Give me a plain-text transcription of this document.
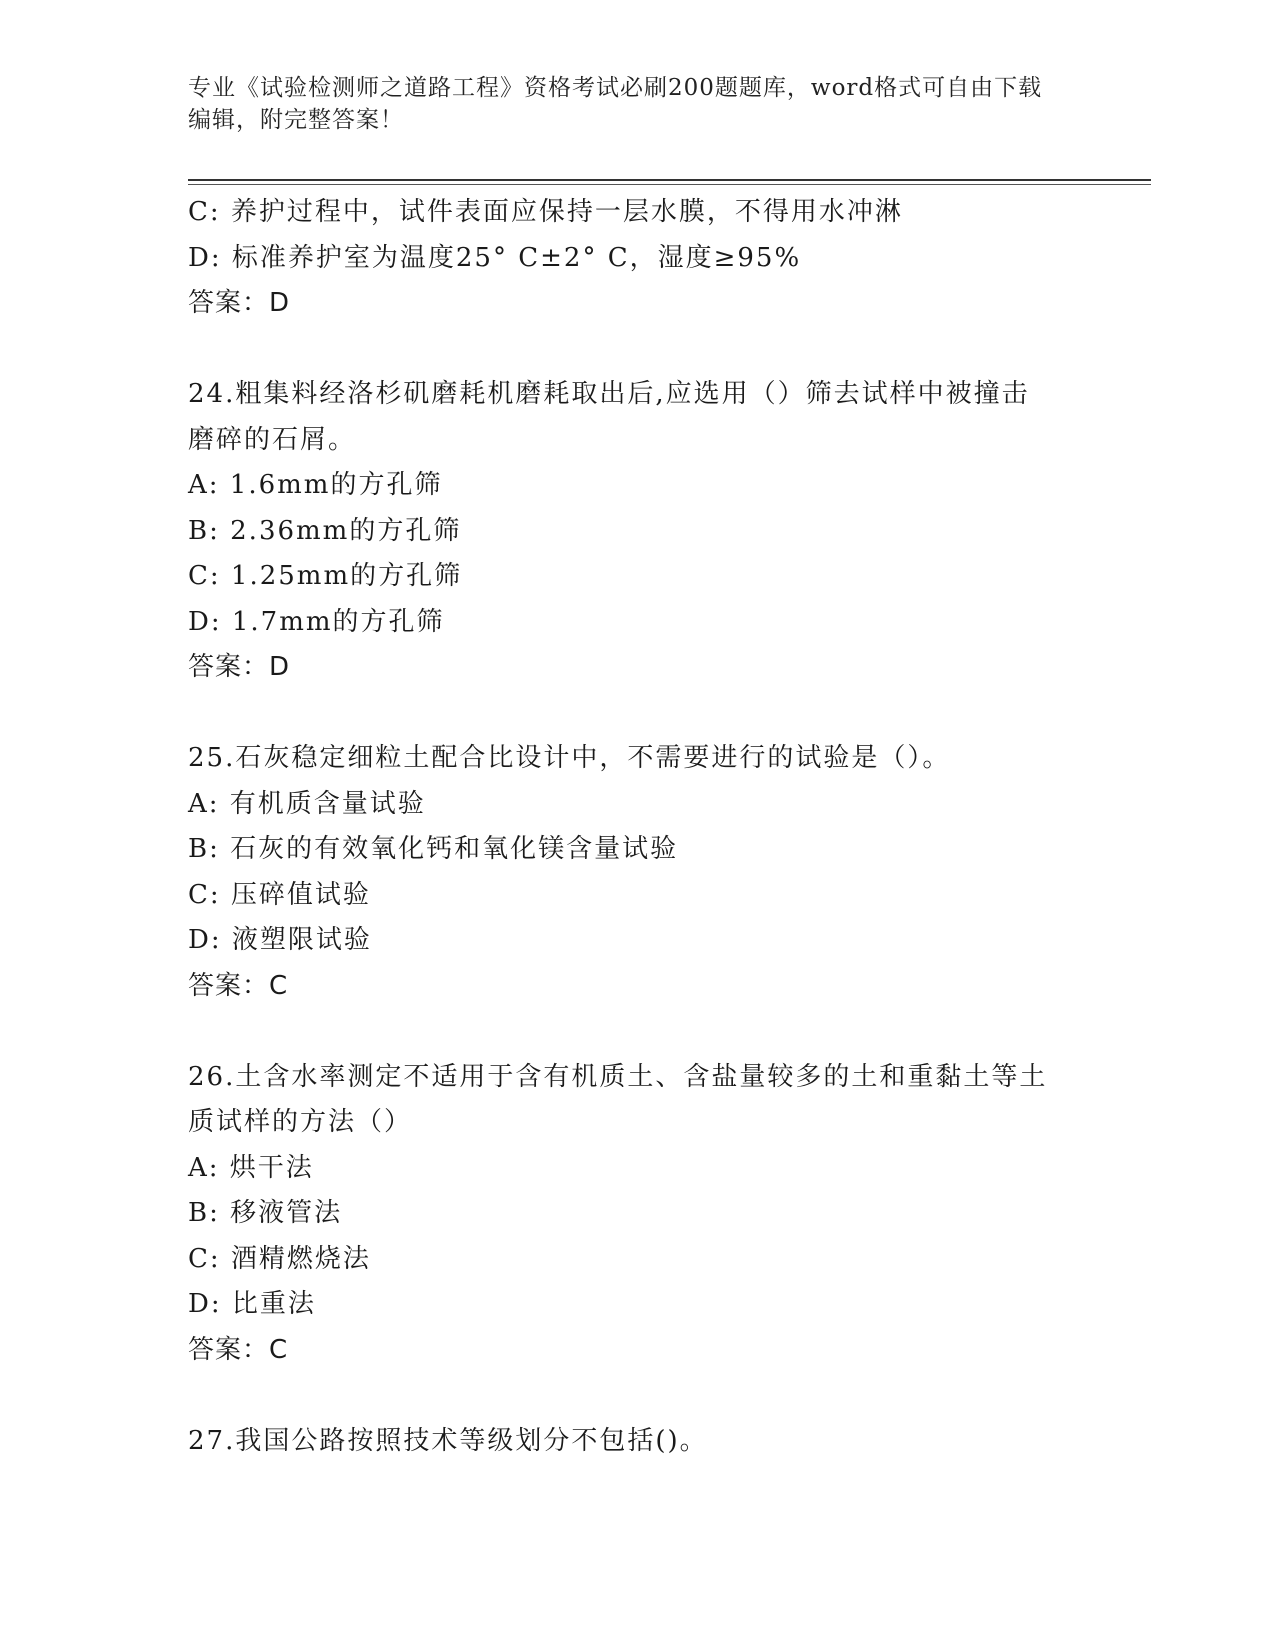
专业《试验检测师之道路工程》资格考试必刷200题题库，word格式可自由下载
编辑，附完整答案！
C: 养护过程中，试件表面应保持一层水膜，不得用水冲淋
D: 标准养护室为温度25° C±2° C，湿度≥95%
答案：D
24.粗集料经洛杉矶磨耗机磨耗取出后,应选用（）筛去试样中被撞击
磨碎的石屑。
A: 1.6mm的方孔筛
B: 2.36mm的方孔筛
C: 1.25mm的方孔筛
D: 1.7mm的方孔筛
答案：D
25.石灰稳定细粒土配合比设计中，不需要进行的试验是（）。
A: 有机质含量试验
B: 石灰的有效氧化钙和氧化镁含量试验
C: 压碎值试验
D: 液塑限试验
答案：C
26.土含水率测定不适用于含有机质土、含盐量较多的土和重黏土等土
质试样的方法（）
A: 烘干法
B: 移液管法
C: 酒精燃烧法
D: 比重法
答案：C
27.我国公路按照技术等级划分不包括()。
